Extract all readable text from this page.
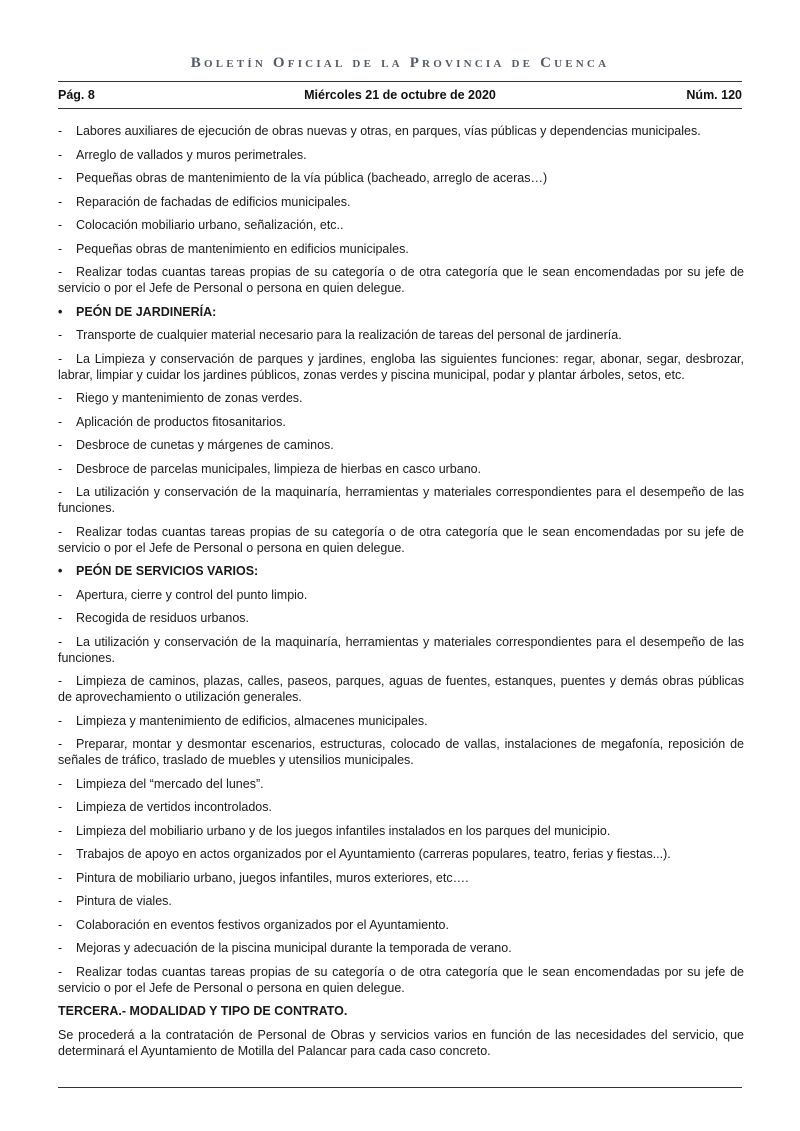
Boletín Oficial de la Provincia de Cuenca
Pág. 8	Miércoles 21 de octubre de 2020	Núm. 120
- Labores auxiliares de ejecución de obras nuevas y otras, en parques, vías públicas y dependencias municipales.
- Arreglo de vallados y muros perimetrales.
- Pequeñas obras de mantenimiento de la vía pública (bacheado, arreglo de aceras…)
- Reparación de fachadas de edificios municipales.
- Colocación mobiliario urbano, señalización, etc..
- Pequeñas obras de mantenimiento en edificios municipales.
- Realizar todas cuantas tareas propias de su categoría o de otra categoría que le sean encomendadas por su jefe de servicio o por el Jefe de Personal o persona en quien delegue.
• PEÓN DE JARDINERÍA:
- Transporte de cualquier material necesario para la realización de tareas del personal de jardinería.
- La Limpieza y conservación de parques y jardines, engloba las siguientes funciones: regar, abonar, segar, desbrozar, labrar, limpiar y cuidar los jardines públicos, zonas verdes y piscina municipal, podar y plantar árboles, setos, etc.
- Riego y mantenimiento de zonas verdes.
- Aplicación de productos fitosanitarios.
- Desbroce de cunetas y márgenes de caminos.
- Desbroce de parcelas municipales, limpieza de hierbas en casco urbano.
- La utilización y conservación de la maquinaría, herramientas y materiales correspondientes para el desempeño de las funciones.
- Realizar todas cuantas tareas propias de su categoría o de otra categoría que le sean encomendadas por su jefe de servicio o por el Jefe de Personal o persona en quien delegue.
• PEÓN DE SERVICIOS VARIOS:
- Apertura, cierre y control del punto limpio.
- Recogida de residuos urbanos.
- La utilización y conservación de la maquinaría, herramientas y materiales correspondientes para el desempeño de las funciones.
- Limpieza de caminos, plazas, calles, paseos, parques, aguas de fuentes, estanques, puentes y demás obras públicas de aprovechamiento o utilización generales.
- Limpieza y mantenimiento de edificios, almacenes municipales.
- Preparar, montar y desmontar escenarios, estructuras, colocado de vallas, instalaciones de megafonía, reposición de señales de tráfico, traslado de muebles y utensilios municipales.
- Limpieza del “mercado del lunes”.
- Limpieza de vertidos incontrolados.
- Limpieza del mobiliario urbano y de los juegos infantiles instalados en los parques del municipio.
- Trabajos de apoyo en actos organizados por el Ayuntamiento (carreras populares, teatro, ferias y fiestas...).
- Pintura de mobiliario urbano, juegos infantiles, muros exteriores, etc….
- Pintura de viales.
- Colaboración en eventos festivos organizados por el Ayuntamiento.
- Mejoras y adecuación de la piscina municipal durante la temporada de verano.
- Realizar todas cuantas tareas propias de su categoría o de otra categoría que le sean encomendadas por su jefe de servicio o por el Jefe de Personal o persona en quien delegue.
TERCERA.- MODALIDAD Y TIPO DE CONTRATO.
Se procederá a la contratación de Personal de Obras y servicios varios en función de las necesidades del servicio, que determinará el Ayuntamiento de Motilla del Palancar para cada caso concreto.
